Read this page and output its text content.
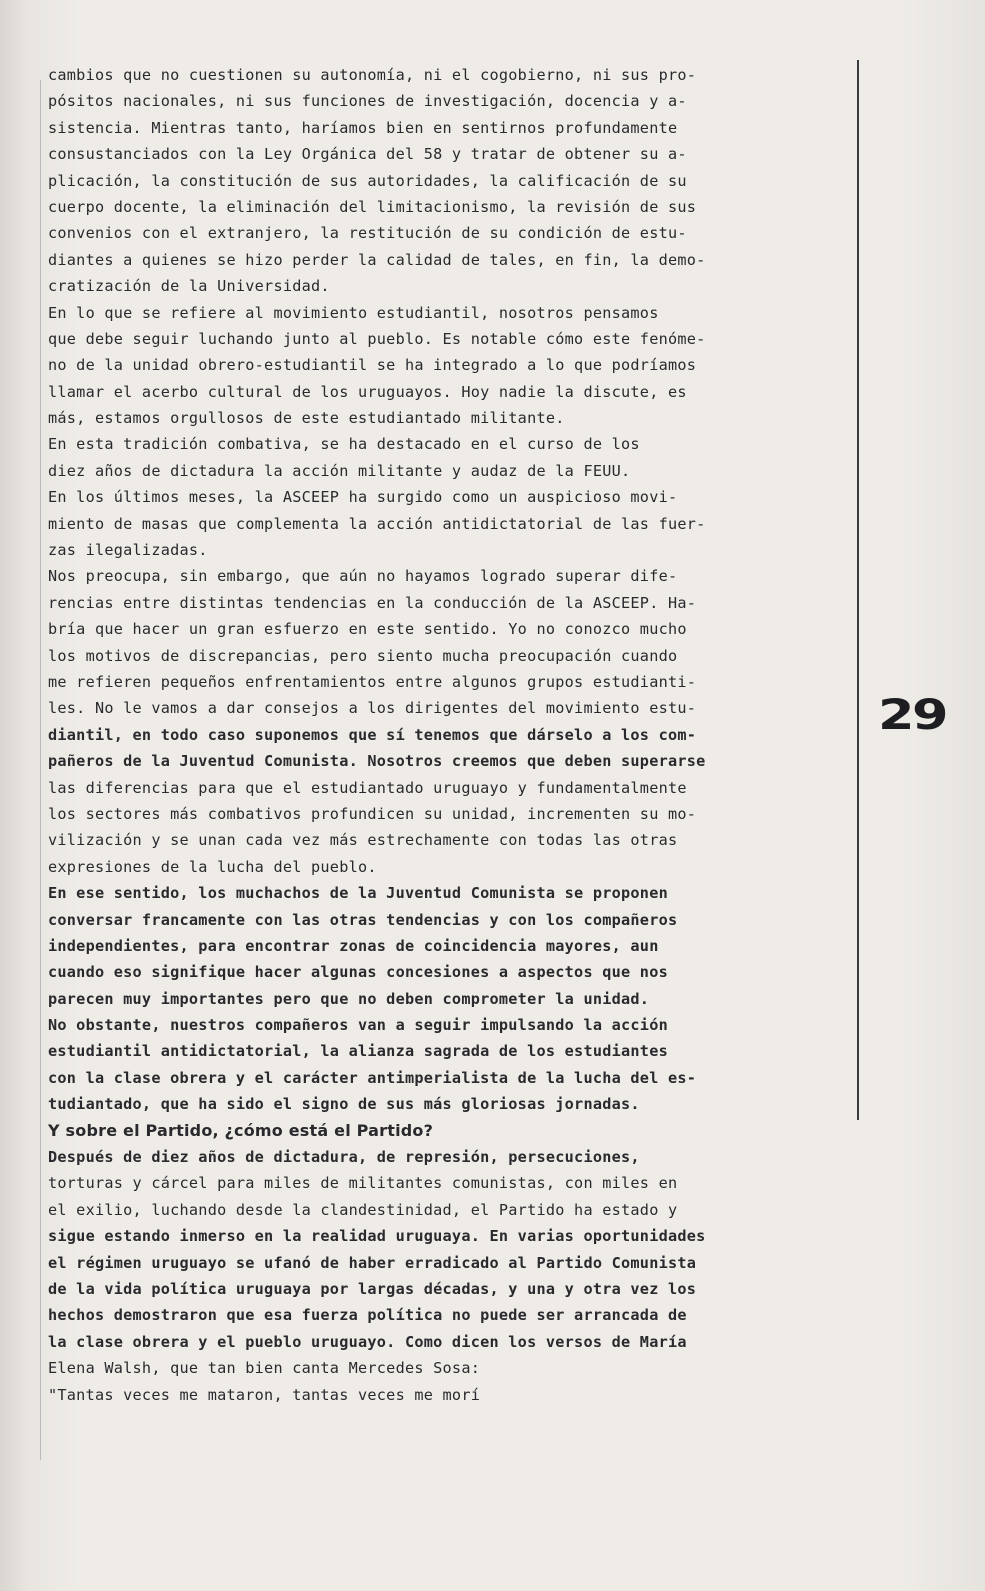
cambios que no cuestionen su autonomía, ni el cogobierno, ni sus pro-
pósitos nacionales, ni sus funciones de investigación, docencia y a-
sistencia. Mientras tanto, haríamos bien en sentirnos profundamente
consustanciados con la Ley Orgánica del 58 y tratar de obtener su a-
plicación, la constitución de sus autoridades, la calificación de su
cuerpo docente, la eliminación del limitacionismo, la revisión de sus
convenios con el extranjero, la restitución de su condición de estu-
diantes a quienes se hizo perder la calidad de tales, en fin, la demo-
cratización de la Universidad.
En lo que se refiere al movimiento estudiantil, nosotros pensamos
que debe seguir luchando junto al pueblo. Es notable cómo este fenóme-
no de la unidad obrero-estudiantil se ha integrado a lo que podríamos
llamar el acerbo cultural de los uruguayos. Hoy nadie la discute, es
más, estamos orgullosos de este estudiantado militante.
En esta tradición combativa, se ha destacado en el curso de los
diez años de dictadura la acción militante y audaz de la FEUU.
En los últimos meses, la ASCEEP ha surgido como un auspicioso movi-
miento de masas que complementa la acción antidictatorial de las fuer-
zas ilegalizadas.
Nos preocupa, sin embargo, que aún no hayamos logrado superar dife-
rencias entre distintas tendencias en la conducción de la ASCEEP. Ha-
bría que hacer un gran esfuerzo en este sentido. Yo no conozco mucho
los motivos de discrepancias, pero siento mucha preocupación cuando
me refieren pequeños enfrentamientos entre algunos grupos estudianti-
les. No le vamos a dar consejos a los dirigentes del movimiento estu-
diantil, en todo caso suponemos que sí tenemos que dárselo a los com-
pañeros de la Juventud Comunista. Nosotros creemos que deben superarse
las diferencias para que el estudiantado uruguayo y fundamentalmente
los sectores más combativos profundicen su unidad, incrementen su mo-
vilización y se unan cada vez más estrechamente con todas las otras
expresiones de la lucha del pueblo.
En ese sentido, los muchachos de la Juventud Comunista se proponen
conversar francamente con las otras tendencias y con los compañeros
independientes, para encontrar zonas de coincidencia mayores, aun
cuando eso signifique hacer algunas concesiones a aspectos que nos
parecen muy importantes pero que no deben comprometer la unidad.
No obstante, nuestros compañeros van a seguir impulsando la acción
estudiantil antidictatorial, la alianza sagrada de los estudiantes
con la clase obrera y el carácter antimperialista de la lucha del es-
tudiantado, que ha sido el signo de sus más gloriosas jornadas.
Y sobre el Partido, ¿cómo está el Partido?
Después de diez años de dictadura, de represión, persecuciones,
torturas y cárcel para miles de militantes comunistas, con miles en
el exilio, luchando desde la clandestinidad, el Partido ha estado y
sigue estando inmerso en la realidad uruguaya. En varias oportunidades
el régimen uruguayo se ufanó de haber erradicado al Partido Comunista
de la vida política uruguaya por largas décadas, y una y otra vez los
hechos demostraron que esa fuerza política no puede ser arrancada de
la clase obrera y el pueblo uruguayo. Como dicen los versos de María
Elena Walsh, que tan bien canta Mercedes Sosa:
"Tantas veces me mataron, tantas veces me morí
29
